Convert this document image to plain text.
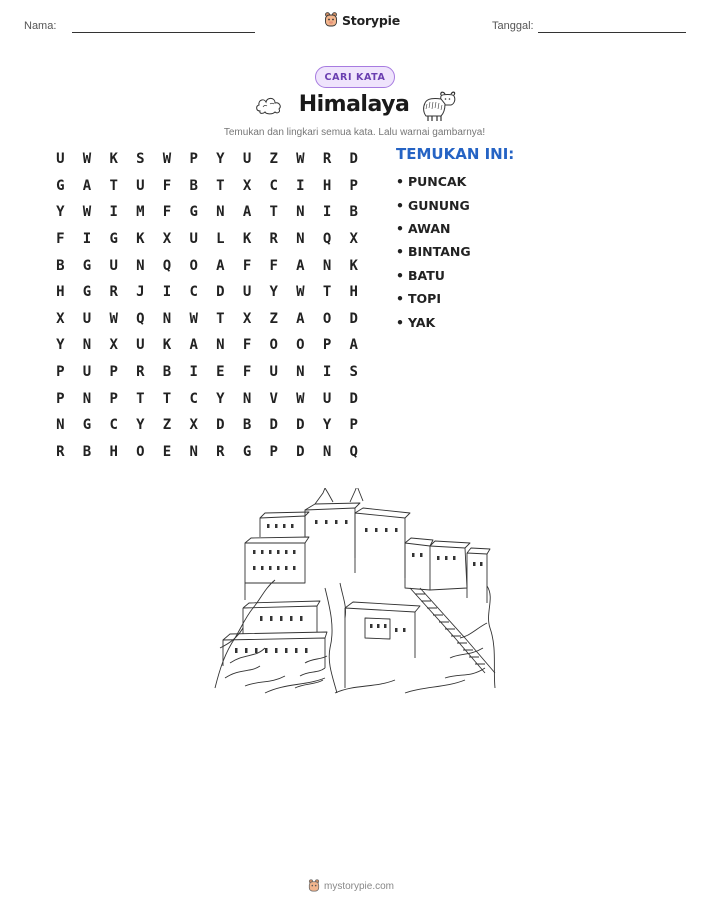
Nama:	Storypie	Tanggal:
CARI KATA
Himalaya
Temukan dan lingkari semua kata. Lalu warnai gambarnya!
U	W	K	S	W	P	Y	U	Z	W	R	D
G	A	T	U	F	B	T	X	C	I	H	P
Y	W	I	M	F	G	N	A	T	N	I	B
F	I	G	K	X	U	L	K	R	N	Q	X
B	G	U	N	Q	O	A	F	F	A	N	K
H	G	R	J	I	C	D	U	Y	W	T	H
X	U	W	Q	N	W	T	X	Z	A	O	D
Y	N	X	U	K	A	N	F	O	O	P	A
P	U	P	R	B	I	E	F	U	N	I	S
P	N	P	T	T	C	Y	N	V	W	U	D
N	G	C	Y	Z	X	D	B	D	D	Y	P
R	B	H	O	E	N	R	G	P	D	N	Q
TEMUKAN INI:
• PUNCAK
• GUNUNG
• AWAN
• BINTANG
• BATU
• TOPI
• YAK
mystorypie.com
